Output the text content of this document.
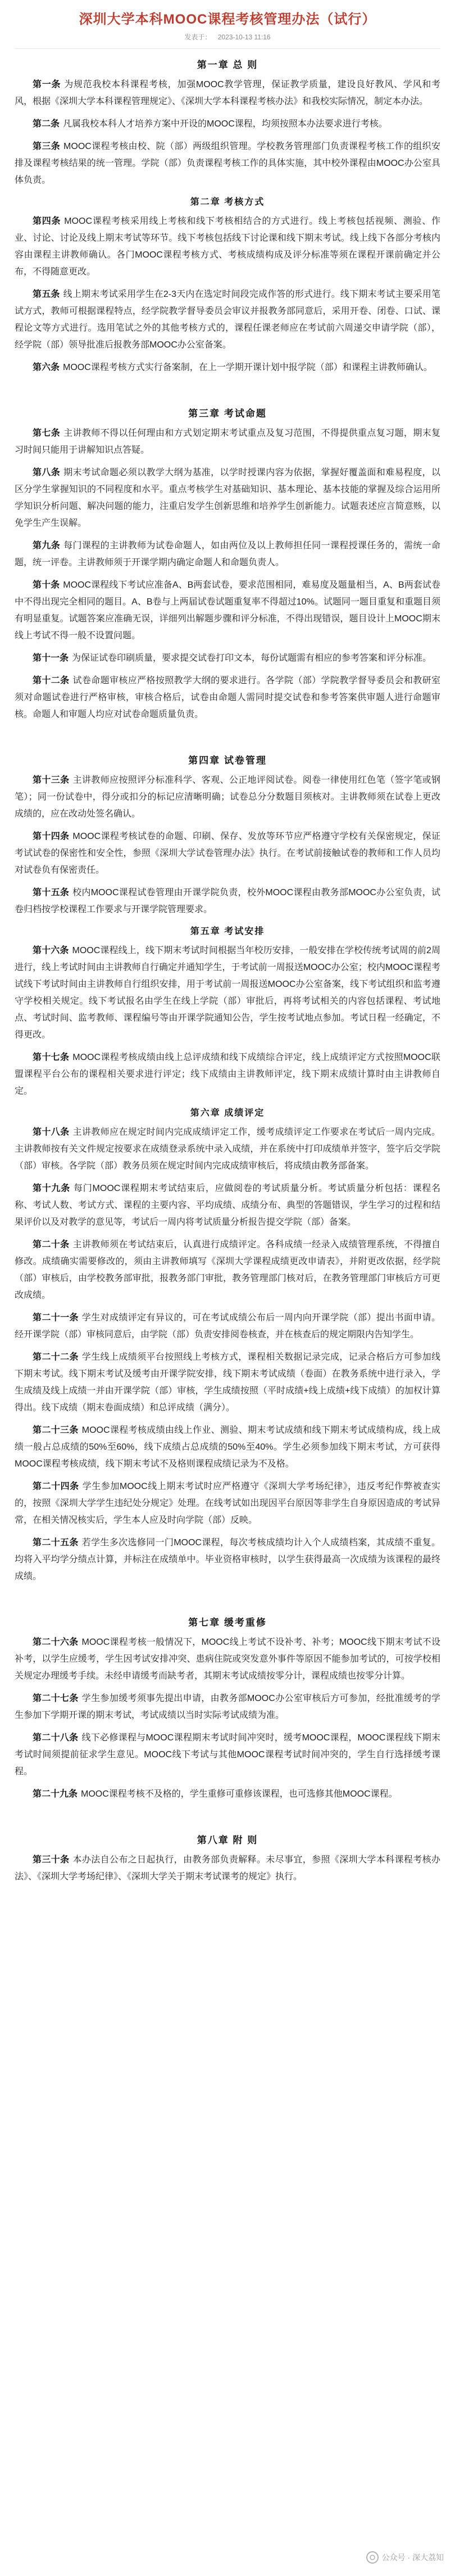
深圳大学本科MOOC课程考核管理办法（试行）
发表于： 2023-10-13 11:16
第一章 总 则

第一条 为规范我校本科课程考核，加强MOOC教学管理，保证教学质量，建设良好教风、学风和考风，根据《深圳大学本科课程管理规定》、《深圳大学本科课程考核办法》和我校实际情况，制定本办法。

第二条 凡属我校本科人才培养方案中开设的MOOC课程，均须按照本办法要求进行考核。

第三条 MOOC课程考核由校、院（部）两级组织管理。学校教务管理部门负责课程考核工作的组织安排及课程考核结果的统一管理。学院（部）负责课程考核工作的具体实施，其中校外课程由MOOC办公室具体负责。

第二章 考核方式

第四条 MOOC课程考核采用线上考核和线下考核相结合的方式进行。线上考核包括视频、测验、作业、讨论、讨论及线上期末考试等环节。线下考核包括线下讨论课和线下期末考试。线上线下各部分考核内容由课程主讲教师确认。各门MOOC课程考核方式、考核成绩构成及评分标准等须在课程开课前确定并公布，不得随意更改。

第五条 线上期末考试采用学生在2-3天内在选定时间段完成作答的形式进行。线下期末考试主要采用笔试方式，教师可根据课程特点，经学院教学督导委员会审议并报教务部同意后，采用开卷、闭卷、口试、课程论文等方式进行。选用笔试之外的其他考核方式的，课程任课老师应在考试前六周递交申请学院（部），经学院（部）领导批准后报教务部MOOC办公室备案。

第六条 MOOC课程考核方式实行备案制，在上一学期开课计划中报学院（部）和课程主讲教师确认。

第三章 考试命题

第七条 主讲教师不得以任何理由和方式划定期末考试重点及复习范围，不得提供重点复习题，期末复习时间只能用于讲解知识点答疑。

第八条 期末考试命题必须以教学大纲为基准，以学时授课内容为依据，掌握好覆盖面和难易程度，以区分学生掌握知识的不同程度和水平。重点考核学生对基础知识、基本理论、基本技能的掌握及综合运用所学知识分析问题、解决问题的能力，注重启发学生创新思维和培养学生创新能力。试题表述应言简意赅，以免学生产生误解。

第九条 每门课程的主讲教师为试卷命题人，如由两位及以上教师担任同一课程授课任务的，需统一命题，统一评卷。主讲教师须于开课学期内确定命题人和命题负责人。

第十条 MOOC课程线下考试应准备A、B两套试卷，要求范围相同，难易度及题量相当，A、B两套试卷中不得出现完全相同的题目。A、B卷与上两届试卷试题重复率不得超过10%。试题同一题目重复和重题目须有明显重复。试题答案应准确无误，详细列出解题步骤和评分标准，不得出现错误，题目设计上MOOC期末线上考试不得一般不设置问题。

第十一条 为保证试卷印刷质量，要求提交试卷打印文本，每份试题需有相应的参考答案和评分标准。

第十二条 试卷命题审核应严格按照教学大纲的要求进行。各学院（部）学院教学督导委员会和教研室须对命题试卷进行严格审核，审核合格后，试卷由命题人需同时提交试卷和参考答案供审题人进行命题审核。命题人和审题人均应对试卷命题质量负责。

第四章 试卷管理

第十三条 主讲教师应按照评分标准科学、客观、公正地评阅试卷。阅卷一律使用红色笔（签字笔或钢笔）；同一份试卷中，得分或扣分的标记应清晰明确；试卷总分分数题目须核对。主讲教师须在试卷上更改成绩的，应在改动处签名确认。

第十四条 MOOC课程考核试卷的命题、印刷、保存、发放等环节应严格遵守学校有关保密规定，保证考试试卷的保密性和安全性，参照《深圳大学试卷管理办法》执行。在考试前接触试卷的教师和工作人员均对试卷负有保密责任。

第十五条 校内MOOC课程试卷管理由开课学院负责，校外MOOC课程由教务部MOOC办公室负责，试卷归档按学校课程工作要求与开课学院管理要求。

第五章 考试安排

第十六条 MOOC课程线上，线下期末考试时间根据当年校历安排，一般安排在学校传统考试周的前2周进行，线上考试时间由主讲教师自行确定并通知学生，于考试前一周报送MOOC办公室；校内MOOC课程考试线下考试时间由主讲教师自行组织安排，用于考试前一周报送MOOC办公室备案，线下考试组织和监考遵守学校相关规定。线下考试报名由学生在线上学院（部）审批后，再将考试相关的内容包括课程、考试地点、考试时间、监考教师、课程编号等由开课学院通知公告，学生按考试地点参加。考试日程一经确定，不得更改。

第十七条 MOOC课程考核成绩由线上总评成绩和线下成绩综合评定，线上成绩评定方式按照MOOC联盟课程平台公布的课程相关要求进行评定；线下成绩由主讲教师评定，线下期末成绩计算时由主讲教师自定。

第六章 成绩评定

第十八条 主讲教师应在规定时间内完成成绩评定工作，缓考成绩评定工作要求在考试后一周内完成。主讲教师按有关文件规定按要求在成绩登录系统中录入成绩，并在系统中打印成绩单并签字，签字后交学院（部）审核。各学院（部）教务员须在规定时间内完成成绩审核后，将成绩由教务部备案。

第十九条 每门MOOC课程期末考试结束后，应做阅卷的考试质量分析。考试质量分析包括：课程名称、考试人数、考试方式、课程的主要内容、平均成绩、成绩分布、典型的答题错误，学生学习的过程和结果评价以及对教学的意见等，考试后一周内将考试质量分析报告提交学院（部）备案。

第二十条 主讲教师须在考试结束后，认真进行成绩评定。各科成绩一经录入成绩管理系统，不得擅自修改。成绩确实需要修改的，须由主讲教师填写《深圳大学课程成绩更改申请表》，并附更改依据，经学院（部）审核后，由学校教务部审批，报教务部门审批，教务管理部门核对后，在教务管理部门审核后方可更改成绩。

第二十一条 学生对成绩评定有异议的，可在考试成绩公布后一周内向开课学院（部）提出书面申请。经开课学院（部）审核同意后，由学院（部）负责安排阅卷核查，并在核查后的规定期限内告知学生。

第二十二条 学生线上成绩须平台按照线上考核方式，课程相关数据记录完成，记录合格后方可参加线下期末考试。线下期末考试及缓考由开课学院安排，线下期末考试成绩（卷面）在教务系统中进行录入，学生成绩及线上成绩一并由开课学院（部）审核，学生成绩按照（平时成绩+线上成绩+线下成绩）的加权计算得出。线下成绩（期末卷面成绩）和总评成绩（满分）。

第二十三条 MOOC课程考核成绩由线上作业、测验、期末考试成绩和线下期末考试成绩构成，线上成绩一般占总成绩的50%至60%，线下成绩占总成绩的50%至40%。学生必须参加线下期末考试，方可获得MOOC课程考核成绩，线下期末考试不及格则课程成绩记录为不及格。

第二十四条 学生参加MOOC线上期末考试时应严格遵守《深圳大学考场纪律》，违反考纪作弊被查实的，按照《深圳大学学生违纪处分规定》处理。在线考试如出现因平台原因等非学生自身原因造成的考试异常，在相关情况核实后，学生本人应及时向学院（部）反映。

第二十五条 若学生多次选修同一门MOOC课程，每次考核成绩均计入个人成绩档案，其成绩不重复。均将入平均学分绩点计算，并标注在成绩单中。毕业资格审核时，以学生获得最高一次成绩为该课程的最终成绩。

第七章 缓考重修

第二十六条 MOOC课程考核一般情况下，MOOC线上考试不设补考、补考；MOOC线下期末考试不设补考，以学生应缓考，学生因考试安排冲突、患病住院或突发意外事件等原因不能参加考试的，可按学校相关规定办理缓考手续。未经申请缓考而缺考者，其期末考试成绩按零分计，课程成绩也按零分计算。

第二十七条 学生参加缓考须事先提出申请，由教务部MOOC办公室审核后方可参加，经批准缓考的学生参加下学期开课的期末考试，考试成绩以当时实际考试成绩为准。

第二十八条 线下必修课程与MOOC课程期末考试时间冲突时，缓考MOOC课程，MOOC课程线下期末考试时间须提前征求学生意见。MOOC线下考试与其他MOOC课程考试时间冲突的，学生自行选择缓考课程。

第二十九条 MOOC课程考核不及格的，学生重修可重修该课程，也可选修其他MOOC课程。

第八章 附 则

第三十条 本办法自公布之日起执行，由教务部负责解释。未尽事宜，参照《深圳大学本科课程考核办法》、《深圳大学考场纪律》、《深圳大学关于期末考试课考的规定》执行。

公众号 · 深大荔知
